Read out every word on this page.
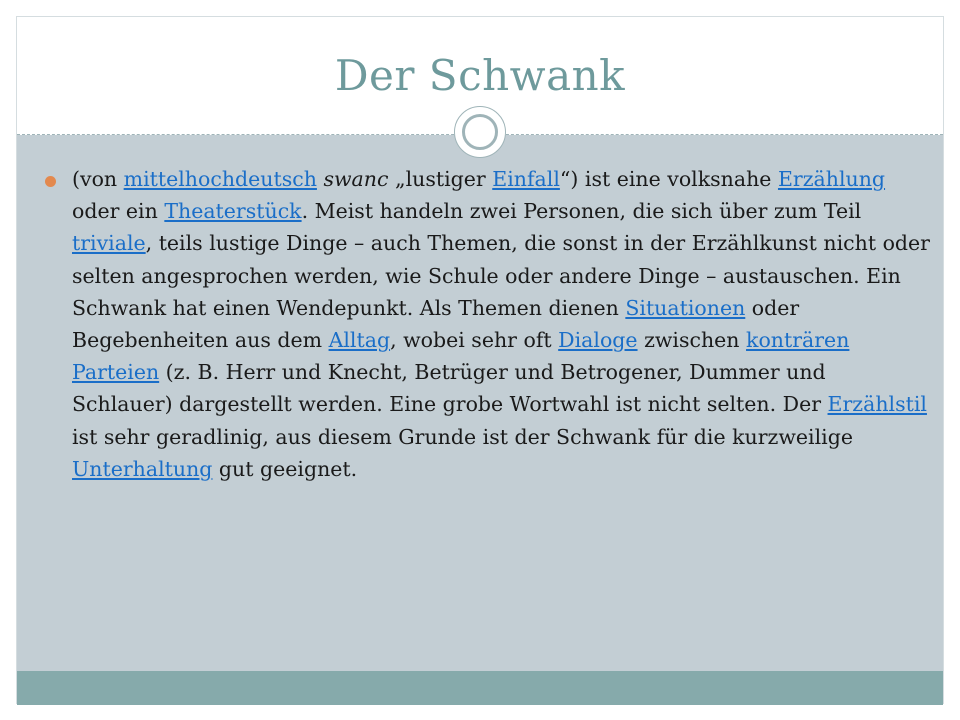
Der Schwank

(von mittelhochdeutsch swanc „lustiger Einfall“) ist eine volksnahe Erzählung oder ein Theaterstück. Meist handeln zwei Personen, die sich über zum Teil triviale, teils lustige Dinge – auch Themen, die sonst in der Erzählkunst nicht oder selten angesprochen werden, wie Schule oder andere Dinge – austauschen. Ein Schwank hat einen Wendepunkt. Als Themen dienen Situationen oder Begebenheiten aus dem Alltag, wobei sehr oft Dialoge zwischen konträren Parteien (z. B. Herr und Knecht, Betrüger und Betrogener, Dummer und Schlauer) dargestellt werden. Eine grobe Wortwahl ist nicht selten. Der Erzählstil ist sehr geradlinig, aus diesem Grunde ist der Schwank für die kurzweilige Unterhaltung gut geeignet.
